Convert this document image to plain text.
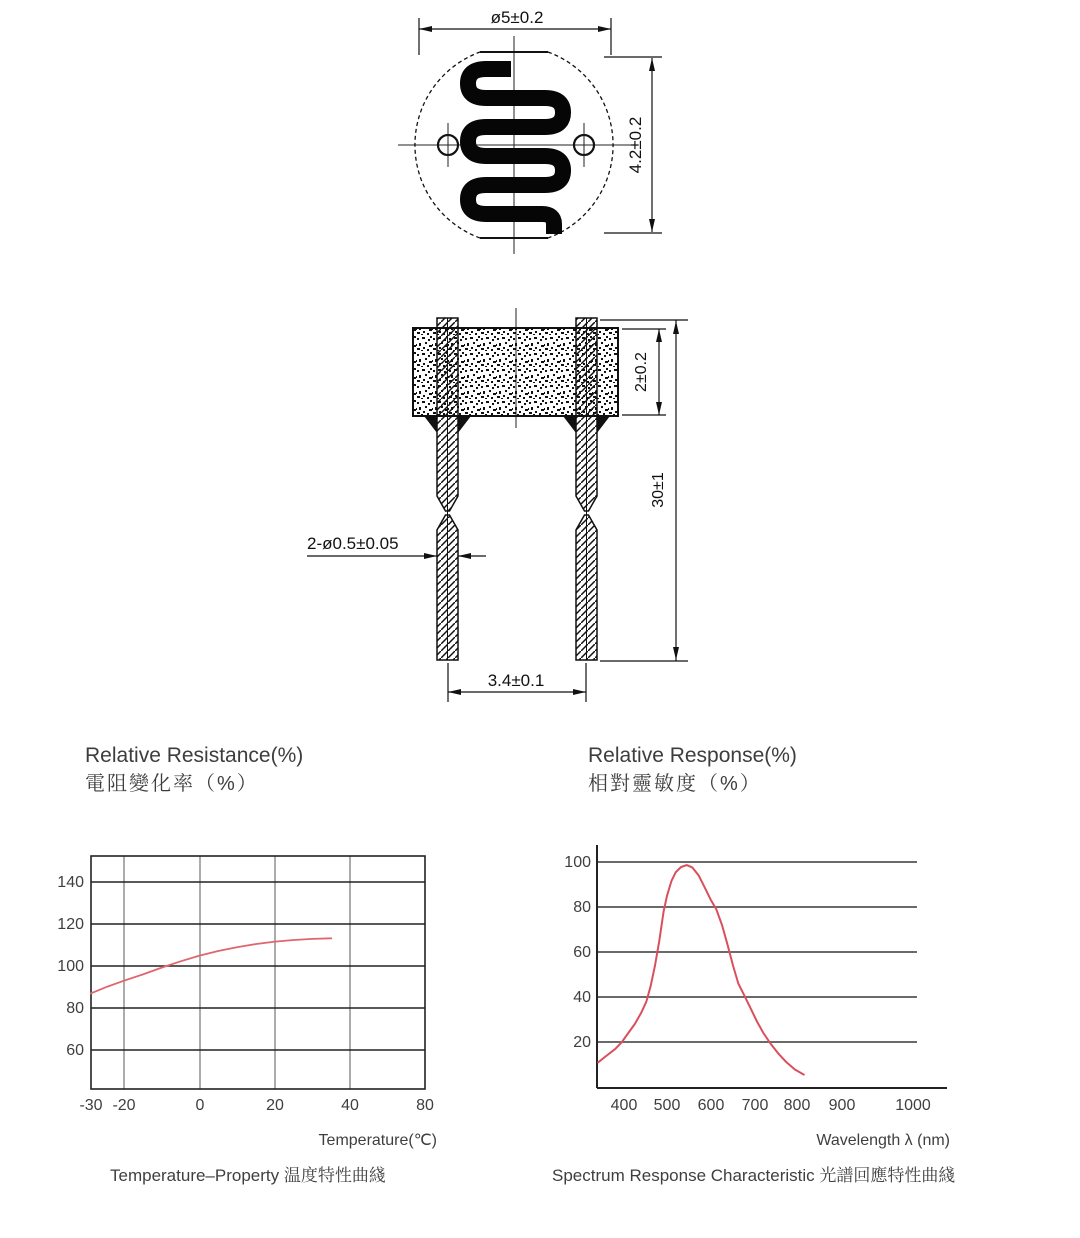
ø5±0.2
4.2±0.2
2±0.2
30±1
2-ø0.5±0.05
3.4±0.1
Relative Resistance(%)
電阻變化率（%）
-30 -20	0	20	40	80
140
120
100
80
60
Temperature(℃)
Temperature–Property 温度特性曲綫
Relative Response(%)
相對靈敏度（%）
400 500 600 700 800 900 1000
100
80
60
40
20
Wavelength λ (nm)
Spectrum Response Characteristic 光譜回應特性曲綫
